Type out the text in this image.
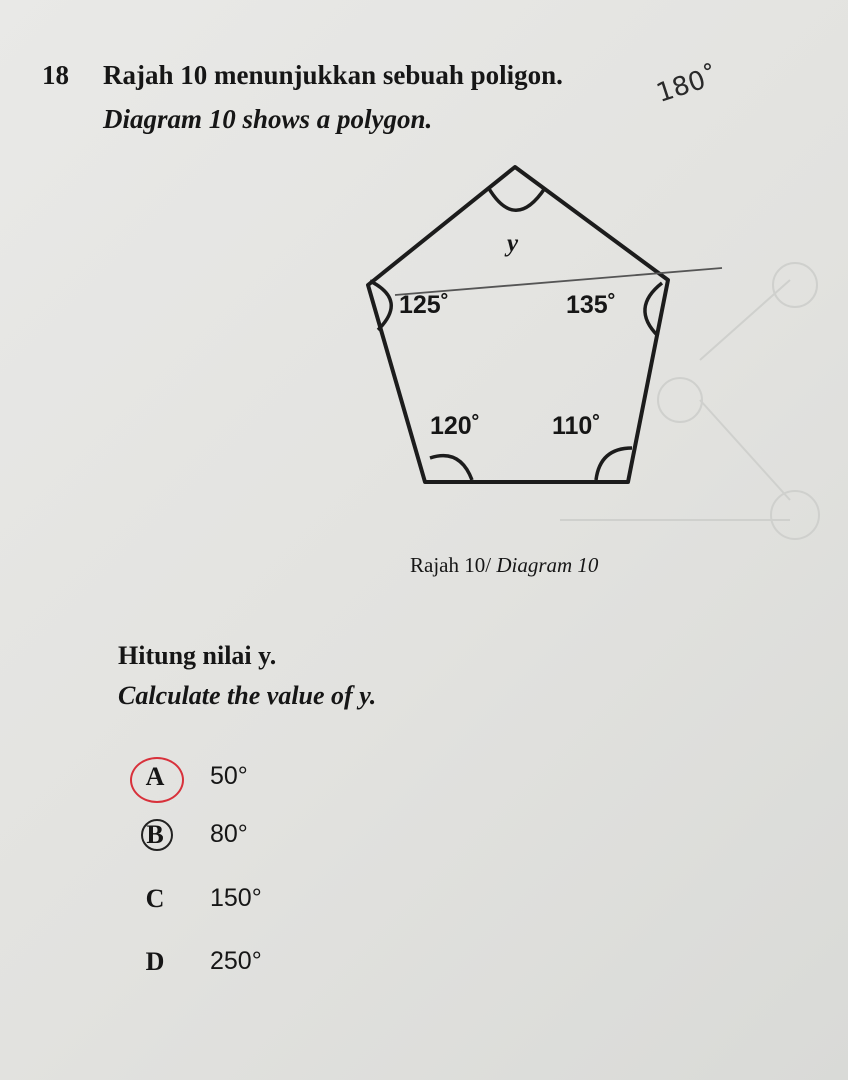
18 Rajah 10 menunjukkan sebuah poligon.
Diagram 10 shows a polygon.
180˚
y
125˚	135˚
120˚	110˚
Rajah 10/ Diagram 10
Hitung nilai y.
Calculate the value of y.
A 50°
B 80°
C 150°
D 250°
